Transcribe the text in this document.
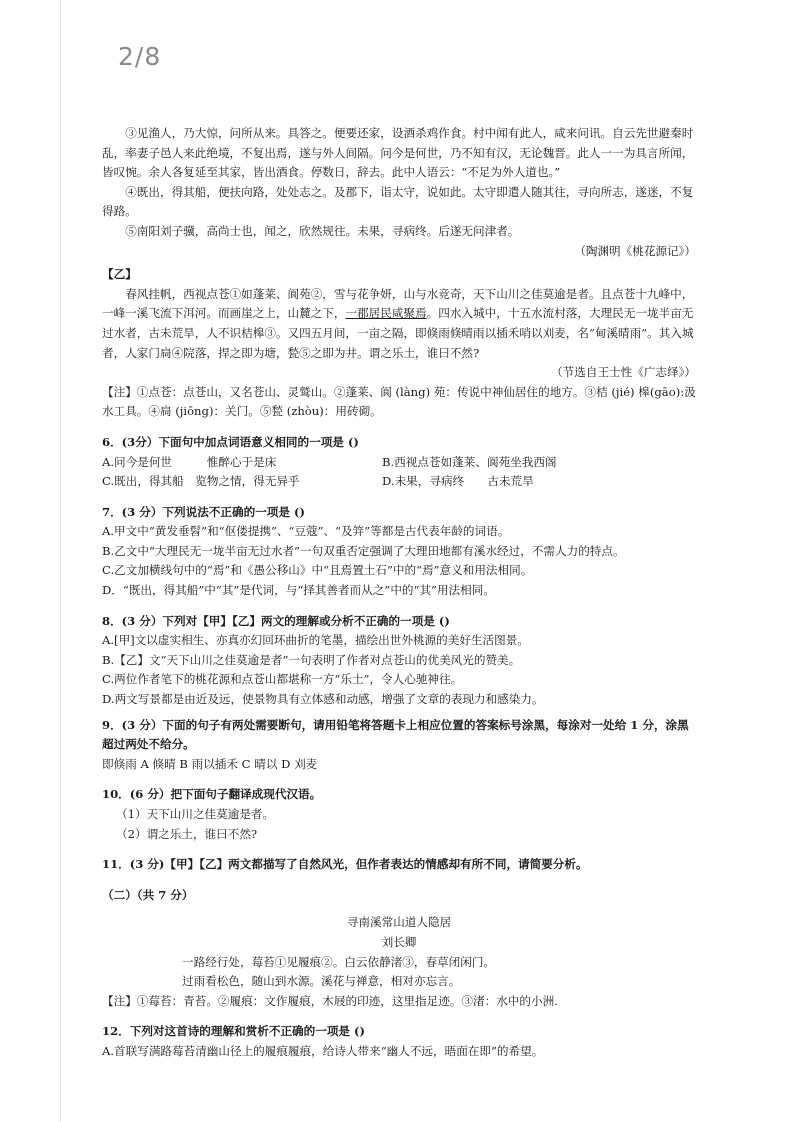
2/8

③见渔人，乃大惊，问所从来。具答之。便要还家，设酒杀鸡作食。村中闻有此人，咸来问讯。自云先世避秦时乱，率妻子邑人来此绝境，不复出焉，遂与外人间隔。问今是何世，乃不知有汉，无论魏晋。此人一一为具言所闻，皆叹惋。余人各复延至其家，皆出酒食。停数日，辞去。此中人语云：“不足为外人道也。”

④既出，得其船，便扶向路，处处志之。及郡下，诣太守，说如此。太守即遣人随其往，寻向所志，遂迷，不复得路。

⑤南阳刘子骥，高尚士也，闻之，欣然规往。未果，寻病终。后遂无问津者。

（陶渊明《桃花源记》）

【乙】

春风挂帆，西视点苍①如蓬莱、阆苑②，雪与花争妍，山与水竞奇，天下山川之佳莫逾是者。且点苍十九峰中，一峰一溪飞流下洱河。而画崖之上，山麓之下，一郡居民咸聚焉。四水入城中，十五水流村落，大理民无一垅半亩无过水者，古未荒旱，人不识桔槔③。又四五月间，一亩之隔，即倏雨倏晴雨以插禾哨以刈麦，名“甸溪晴雨”。其入城者，人家门扃④院落，捍之即为塘，甃⑤之即为井。谓之乐土，谁曰不然?

（节选自王士性《广志绎》）

【注】①点苍：点苍山，又名苍山、灵鹫山。②蓬莱、阆 (làng) 苑：传说中神仙居住的地方。③桔 (jié) 槔(gāo):汲水工具。④扃 (jiōng)：关门。⑤甃 (zhòu)：用砖砌。

6．(3分）下面句中加点词语意义相同的一项是 ()

A.问今是何世　　　惟醉心于是床	B.西视点苍如蓬莱、阆苑坐我西阁
C.既出，得其船　览物之情，得无异乎	D.未果，寻病终　　古未荒旱

7．(3 分）下列说法不正确的一项是 ()

A.甲文中“黄发垂髫”和“伛偻提携”、“豆蔻”、“及笄”等都是古代表年龄的词语。

B.乙文中“大理民无一垅半亩无过水者”一句双重否定强调了大理田地都有溪水经过，不需人力的特点。

C.乙文加横线句中的“焉”和《愚公移山》中“且焉置土石”中的“焉”意义和用法相同。

D．“既出，得其船”中“其”是代词，与“择其善者而从之”中的“其”用法相同。

8．(3 分）下列对【甲】【乙】两文的理解或分析不正确的一项是 ()

A.[甲]文以虚实相生、亦真亦幻回环曲折的笔墨，描绘出世外桃源的美好生活图景。

B.【乙】文“天下山川之佳莫逾是者”一句表明了作者对点苍山的优美风光的赞美。

C.两位作者笔下的桃花源和点苍山都堪称一方“乐土”，令人心驰神往。

D.两文写景都是由近及远，使景物具有立体感和动感，增强了文章的表现力和感染力。

9．(3 分）下面的句子有两处需要断句，请用铅笔将答题卡上相应位置的答案标号涂黑，每涂对一处给 1 分，涂黑超过两处不给分。

即倏雨 A 倏晴 B 雨以插禾 C 晴以 D 刈麦

10．(6 分）把下面句子翻译成现代汉语。

（1）天下山川之佳莫逾是者。

（2）谓之乐土，谁曰不然?

11．(3 分)【甲】【乙】两文都描写了自然风光，但作者表达的情感却有所不同，请简要分析。

（二）（共 7 分）

寻南溪常山道人隐居

刘长卿

一路经行处，莓苔①见履痕②。白云依静渚③，春草闭闲门。

过雨看松色，随山到水源。溪花与禅意，相对亦忘言。

【注】①莓苔：青苔。②履痕：文作履痕，木屐的印迹，这里指足迹。③渚：水中的小洲.

12．下列对这首诗的理解和赏析不正确的一项是 ()

A.首联写满路莓苔清幽山径上的履痕履痕，给诗人带来“幽人不远，晤面在即”的希望。
